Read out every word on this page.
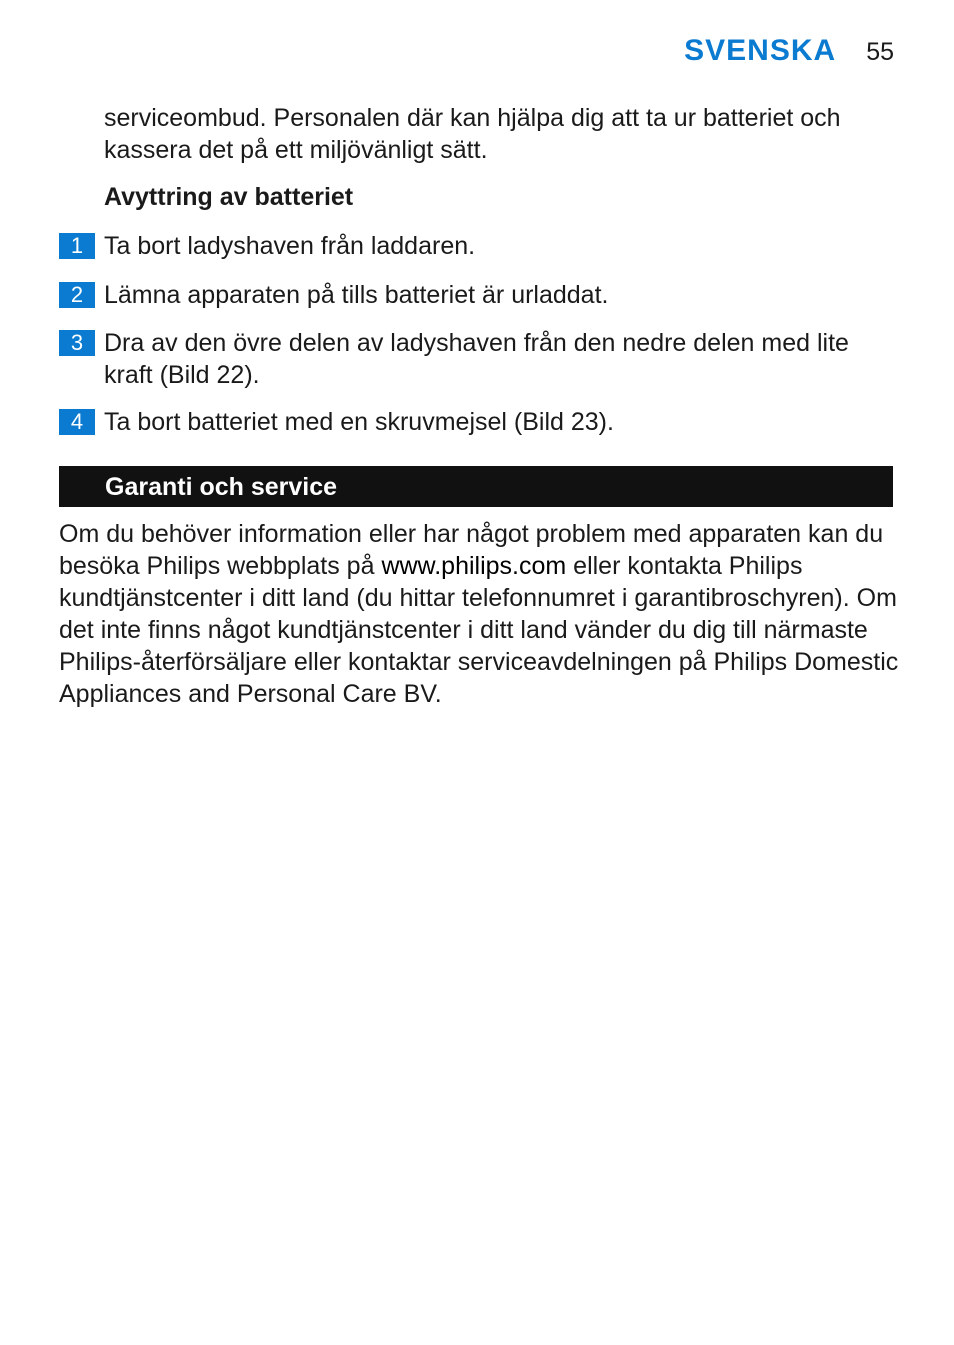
SVENSKA 55
serviceombud. Personalen där kan hjälpa dig att ta ur batteriet och kassera det på ett miljövänligt sätt.
Avyttring av batteriet
1 Ta bort ladyshaven från laddaren.
2 Lämna apparaten på tills batteriet är urladdat.
3 Dra av den övre delen av ladyshaven från den nedre delen med lite kraft (Bild 22).
4 Ta bort batteriet med en skruvmejsel (Bild 23).
Garanti och service
Om du behöver information eller har något problem med apparaten kan du besöka Philips webbplats på www.philips.com eller kontakta Philips kundtjänstcenter i ditt land (du hittar telefonnumret i garantibroschyren). Om det inte finns något kundtjänstcenter i ditt land vänder du dig till närmaste Philips-återförsäljare eller kontaktar serviceavdelningen på Philips Domestic Appliances and Personal Care BV.
